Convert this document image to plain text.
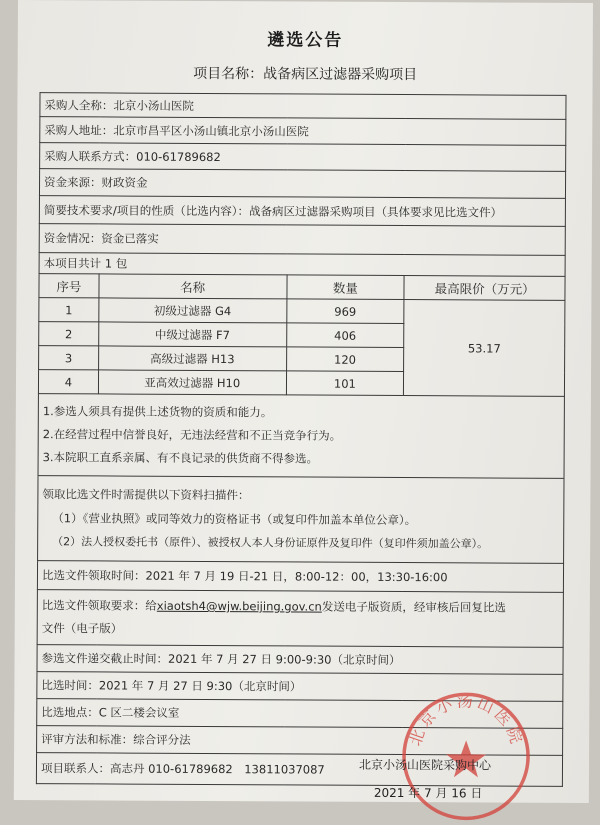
遴选公告
项目名称：战备病区过滤器采购项目
采购人全称：北京小汤山医院			
采购人地址：北京市昌平区小汤山镇北京小汤山医院			
采购人联系方式：010-61789682			
资金来源：财政资金			
简要技术要求/项目的性质（比选内容）：战备病区过滤器采购项目（具体要求见比选文件）			
资金情况：资金已落实			
本项目共计 1 包			
序号	名称	数量	最高限价（万元）
1	初级过滤器 G4	969	53.17
2	中级过滤器 F7	406	
3	高级过滤器 H13	120	
4	亚高效过滤器 H10	101	

1.参选人须具有提供上述货物的资质和能力。
2.在经营过程中信誉良好，无违法经营和不正当竞争行为。
3.本院职工直系亲属、有不良记录的供货商不得参选。			

领取比选文件时需提供以下资料扫描件：
（1）《营业执照》或同等效力的资格证书（或复印件加盖本单位公章）。
（2）法人授权委托书（原件）、被授权人本人身份证原件及复印件（复印件须加盖公章）。			

比选文件领取时间：2021 年 7 月 19 日-21 日，8:00-12：00，13:30-16:00			
比选文件领取要求：给xiaotsh4@wjw.beijing.gov.cn发送电子版资质，经审核后回复比选
文件（电子版）			
参选文件递交截止时间：2021 年 7 月 27 日 9:00-9:30（北京时间）			
比选时间：2021 年 7 月 27 日 9:30（北京时间）			
比选地点：C 区二楼会议室			
评审方法和标准：综合评分法			
项目联系人：高志丹 010-61789682　13811037087			
北京小汤山医院
北京小汤山医院采购中心
2021 年 7 月 16 日
